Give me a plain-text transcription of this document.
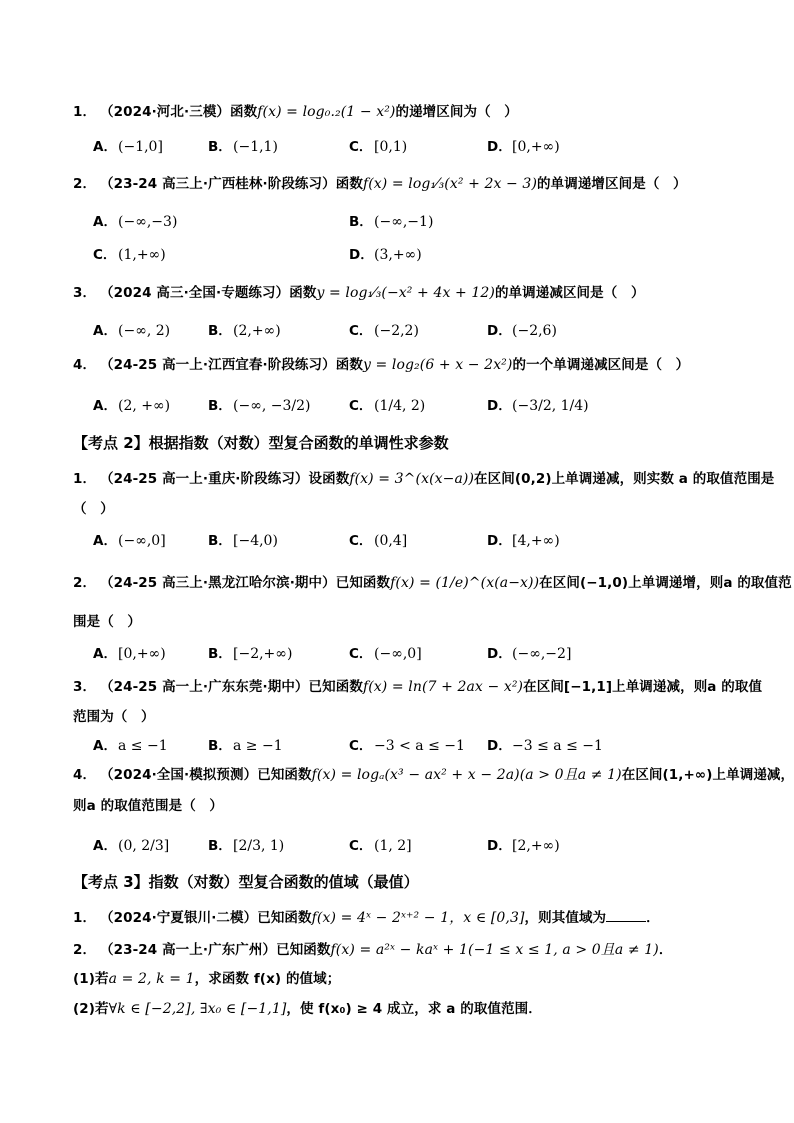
1． （2024·河北·三模）函数f(x) = log₀.₂(1 − x²)的递增区间为（　）
A．(−1,0]	B．(−1,1)	C． [0,1)	D．[0,+∞)
2． （23-24 高三上·广西桂林·阶段练习）函数f(x) = log₁⁄₃(x² + 2x − 3)的单调递增区间是（　）
A．(−∞,−3)	B．(−∞,−1)
C． (1,+∞)	D．(3,+∞)
3． （2024 高三·全国·专题练习）函数y = log₁⁄₃(−x² + 4x + 12)的单调递减区间是（　）
A．(−∞, 2)	B．(2,+∞)	C． (−2,2)	D．(−2,6)
4． （24-25 高一上·江西宜春·阶段练习）函数y = log₂(6 + x − 2x²)的一个单调递减区间是（　）
A．(2, +∞)	B．(−∞, −3/2)	C． (1/4, 2)	D．(−3/2, 1/4)
【考点 2】根据指数（对数）型复合函数的单调性求参数
1． （24-25 高一上·重庆·阶段练习）设函数f(x) = 3^(x(x−a))在区间(0,2)上单调递减，则实数 a 的取值范围是
（　）
A．(−∞,0]	B．[−4,0)	C． (0,4]	D．[4,+∞)
2． （24-25 高三上·黑龙江哈尔滨·期中）已知函数f(x) = (1/e)^(x(a−x))在区间(−1,0)上单调递增，则a 的取值范
围是（　）
A．[0,+∞)	B．[−2,+∞)	C． (−∞,0]	D．(−∞,−2]
3． （24-25 高一上·广东东莞·期中）已知函数f(x) = ln(7 + 2ax − x²)在区间[−1,1]上单调递减，则a 的取值
范围为（　）
A．a ≤ −1	B．a ≥ −1	C． −3 < a ≤ −1 D．−3 ≤ a ≤ −1
4． （2024·全国·模拟预测）已知函数f(x) = logₐ(x³ − ax² + x − 2a)(a > 0且a ≠ 1)在区间(1,+∞)上单调递减，
则a 的取值范围是（　）
A．(0, 2/3]	B．[2/3, 1)	C． (1, 2]	D．[2,+∞)
【考点 3】指数（对数）型复合函数的值域（最值）
1． （2024·宁夏银川·二模）已知函数f(x) = 4ˣ − 2ˣ⁺² − 1，x ∈ [0,3]，则其值域为	．
2． （23-24 高一上·广东广州）已知函数f(x) = a²ˣ − kaˣ + 1(−1 ≤ x ≤ 1, a > 0且a ≠ 1)．
(1)若a = 2, k = 1，求函数 f(x) 的值域；
(2)若∀k ∈ [−2,2], ∃x₀ ∈ [−1,1]，使 f(x₀) ≥ 4 成立，求 a 的取值范围．
